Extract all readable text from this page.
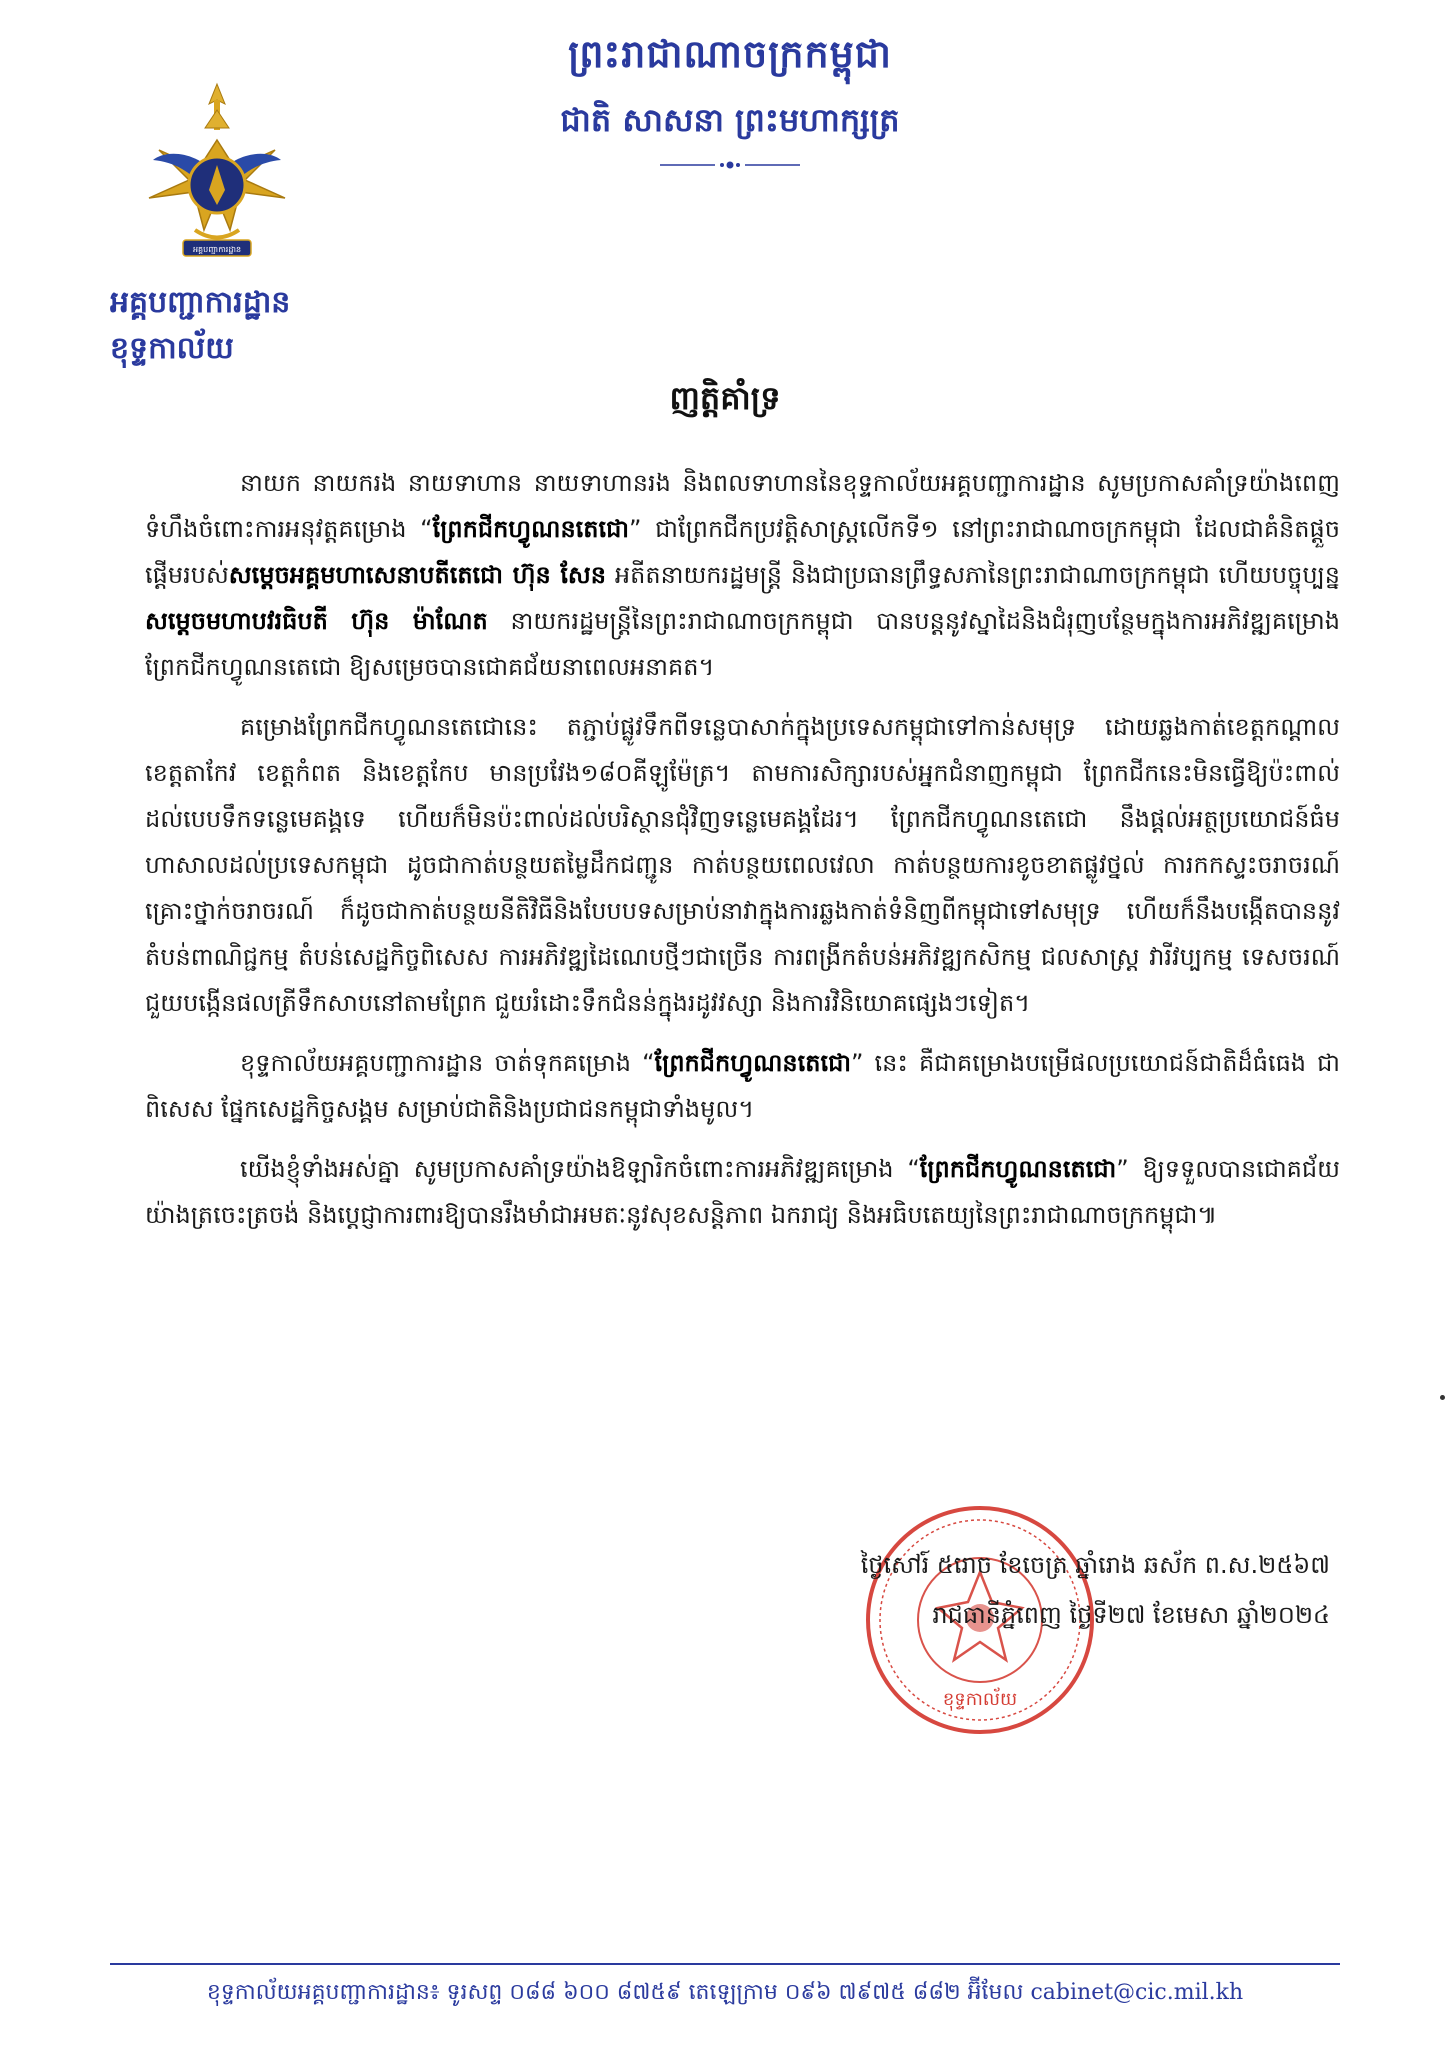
អគ្គបញ្ជាការដ្ឋាន
ព្រះរាជាណាចក្រកម្ពុជា
ជាតិ សាសនា ព្រះមហាក្សត្រ
អគ្គបញ្ជាការដ្ឋាន
ខុទ្ទកាល័យ
ញត្តិគាំទ្រ

នាយក នាយករង នាយទាហាន នាយទាហានរង និងពលទាហាននៃខុទ្ទកាល័យអគ្គបញ្ជាការដ្ឋាន សូមប្រកាសគាំទ្រយ៉ាងពេញទំហឹងចំពោះការអនុវត្តគម្រោង “ព្រែកជីកហ្វូណនតេជោ” ជាព្រែកជីកប្រវត្តិសាស្ត្រលើកទី១ នៅព្រះរាជាណាចក្រកម្ពុជា ដែលជាគំនិតផ្តួចផ្តើមរបស់សម្តេចអគ្គមហាសេនាបតីតេជោ ហ៊ុន សែន អតីតនាយករដ្ឋមន្ត្រី និងជាប្រធានព្រឹទ្ធសភានៃព្រះរាជាណាចក្រកម្ពុជា ហើយបច្ចុប្បន្ន សម្តេចមហាបវរធិបតី ហ៊ុន ម៉ាណែត នាយករដ្ឋមន្ត្រីនៃព្រះរាជាណាចក្រកម្ពុជា បានបន្តនូវស្នាដៃនិងជំរុញបន្ថែមក្នុងការអភិវឌ្ឍគម្រោងព្រែកជីកហ្វូណនតេជោ ឱ្យសម្រេចបានជោគជ័យនាពេលអនាគត។

គម្រោងព្រែកជីកហ្វូណនតេជោនេះ តភ្ជាប់ផ្លូវទឹកពីទន្លេបាសាក់ក្នុងប្រទេសកម្ពុជាទៅកាន់សមុទ្រ ដោយឆ្លងកាត់ខេត្តកណ្តាល ខេត្តតាកែវ ខេត្តកំពត និងខេត្តកែប មានប្រវែង១៨០គីឡូម៉ែត្រ។ តាមការសិក្សារបស់អ្នកជំនាញកម្ពុជា ព្រែកជីកនេះមិនធ្វើឱ្យប៉ះពាល់ដល់បេបទឹកទន្លេមេគង្គទេ ហើយក៏មិនប៉ះពាល់ដល់បរិស្ថានជុំវិញទន្លេមេគង្គដែរ។ ព្រែកជីកហ្វូណនតេជោ នឹងផ្តល់អត្ថប្រយោជន៍ធំមហាសាលដល់ប្រទេសកម្ពុជា ដូចជាកាត់បន្ថយតម្លៃដឹកជញ្ជូន កាត់បន្ថយពេលវេលា កាត់បន្ថយការខូចខាតផ្លូវថ្នល់ ការកកស្ទះចរាចរណ៍ គ្រោះថ្នាក់ចរាចរណ៍ ក៏ដូចជាកាត់បន្ថយនីតិវិធីនិងបែបបទសម្រាប់នាវាក្នុងការឆ្លងកាត់ទំនិញពីកម្ពុជាទៅសមុទ្រ ហើយក៏នឹងបង្កើតបាននូវតំបន់ពាណិជ្ជកម្ម តំបន់សេដ្ឋកិច្ចពិសេស ការអភិវឌ្ឍដៃណេបថ្មីៗជាច្រើន ការពង្រីកតំបន់អភិវឌ្ឍកសិកម្ម ជលសាស្ត្រ វារីវប្បកម្ម ទេសចរណ៍ ជួយបង្កើនផលត្រីទឹកសាបនៅតាមព្រែក ជួយរំដោះទឹកជំនន់ក្នុងរដូវវស្សា និងការវិនិយោគផ្សេងៗទៀត។

ខុទ្ទកាល័យអគ្គបញ្ជាការដ្ឋាន ចាត់ទុកគម្រោង “ព្រែកជីកហ្វូណនតេជោ” នេះ គឺជាគម្រោងបម្រើផលប្រយោជន៍ជាតិដ៏ធំធេង ជាពិសេស ផ្នែកសេដ្ឋកិច្ចសង្គម សម្រាប់ជាតិនិងប្រជាជនកម្ពុជាទាំងមូល។

យើងខ្ញុំទាំងអស់គ្នា សូមប្រកាសគាំទ្រយ៉ាងឱឡារិកចំពោះការអភិវឌ្ឍគម្រោង “ព្រែកជីកហ្វូណនតេជោ” ឱ្យទទួលបានជោគជ័យយ៉ាងត្រចេះត្រចង់ និងប្តេជ្ញាការពារឱ្យបានរឹងមាំជាអមតៈនូវសុខសន្តិភាព ឯករាជ្យ និងអធិបតេយ្យនៃព្រះរាជាណាចក្រកម្ពុជា៕

ខុទ្ទកាល័យ
ថ្ងៃសៅរ៍ ៥រោច ខែចេត្រ ឆ្នាំរោង ឆស័ក ព.ស.២៥៦៧
រាជធានីភ្នំពេញ ថ្ងៃទី២៧ ខែមេសា ឆ្នាំ២០២៤
ខុទ្ទកាល័យអគ្គបញ្ជាការដ្ឋាន៖ ទូរសព្ទ ០៨៨ ៦០០ ៨៧៥៩ តេឡេក្រាម ០៩៦ ៧៩៧៥ ៨៨២ អ៊ីមែល cabinet@cic.mil.kh
